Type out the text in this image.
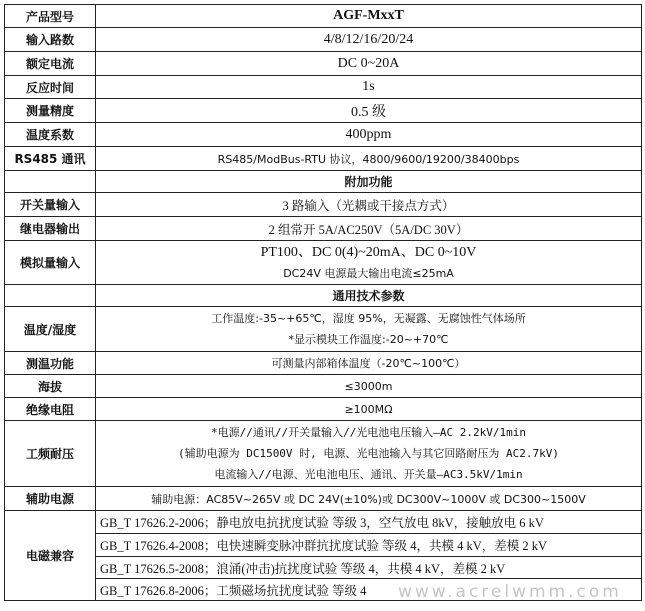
产品型号	AGF-MxxT
输入路数	4/8/12/16/20/24
额定电流	DC 0~20A
反应时间	1s
测量精度	0.5 级
温度系数	400ppm
RS485 通讯	RS485/ModBus-RTU 协议，4800/9600/19200/38400bps
	附加功能
开关量输入	3 路输入（光耦或干接点方式）
继电器输出	2 组常开 5A/AC250V（5A/DC 30V）
模拟量输入	PT100、DC 0(4)~20mA、DC 0~10V
DC24V 电源最大输出电流≤25mA

	通用技术参数
温度/湿度	工作温度:-35~+65℃，湿度 95%，无凝露、无腐蚀性气体场所
*显示模块工作温度:-20~+70℃

测温功能	可测量内部箱体温度（-20℃~100℃）
海拔	≤3000m
绝缘电阻	≥100MΩ
工频耐压	*电源//通讯//开关量输入//光电池电压输入—AC 2.2kV/1min
(辅助电源为 DC1500V 时, 电源、光电池输入与其它回路耐压为 AC2.7kV)
电流输入//电源、光电池电压、通讯、开关量—AC3.5kV/1min

辅助电源	辅助电源：AC85V~265V 或 DC 24V(±10%)或 DC300V~1000V 或 DC300~1500V
电磁兼容	GB_T 17626.2-2006；静电放电抗扰度试验 等级 3，空气放电 8kV，接触放电 6 kV
	GB_T 17626.4-2008；电快速瞬变脉冲群抗扰度试验 等级 4，共模 4 kV，差模 2 kV
	GB_T 17626.5-2008；浪涌(冲击)抗扰度试验 等级 4，共模 4 kV，差模 2 kV
	GB_T 17626.8-2006；工频磁场抗扰度试验 等级 4 www.acrelwmm.com
